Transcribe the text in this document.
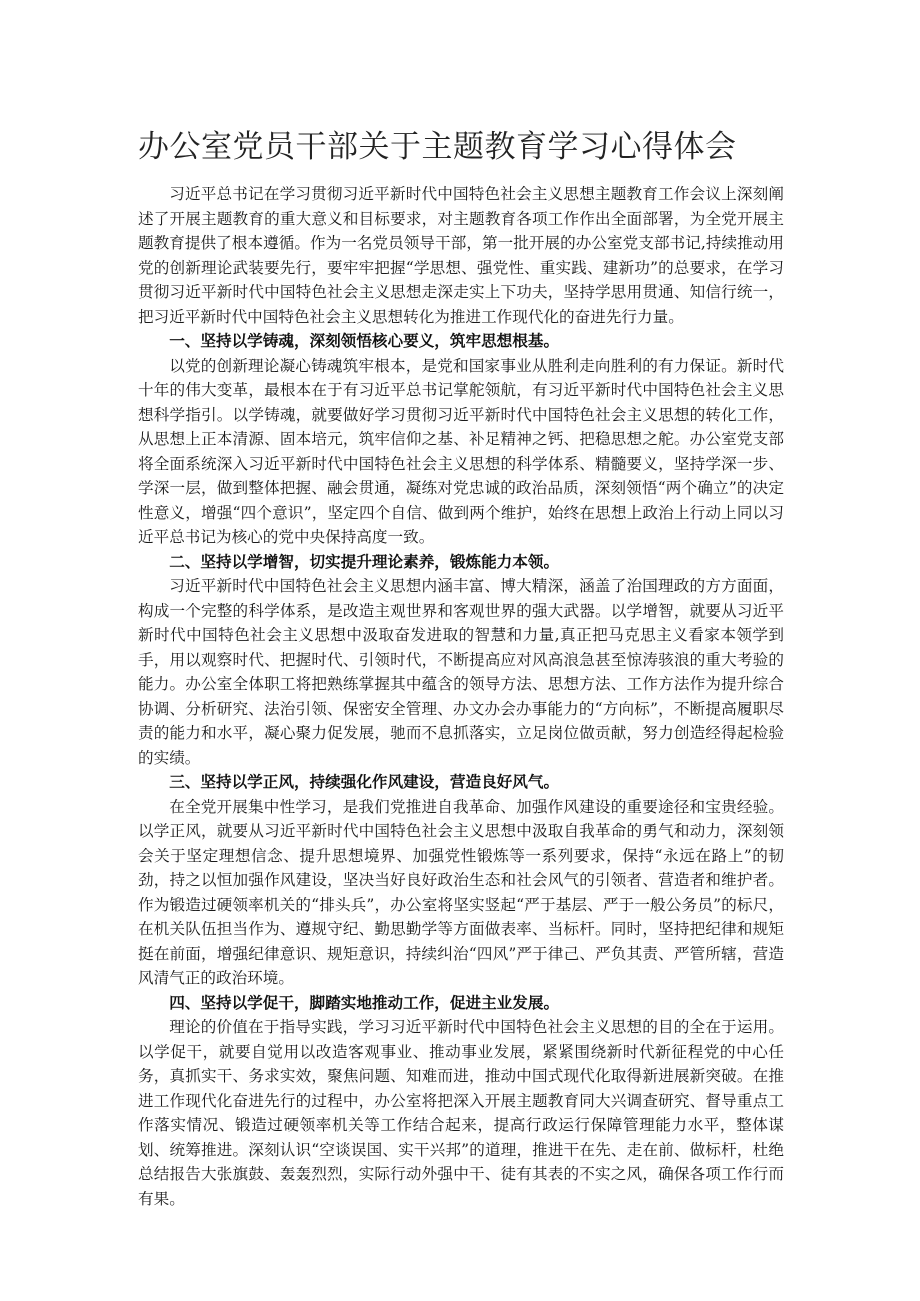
办公室党员干部关于主题教育学习心得体会

习近平总书记在学习贯彻习近平新时代中国特色社会主义思想主题教育工作会议上深刻阐述了开展主题教育的重大意义和目标要求，对主题教育各项工作作出全面部署，为全党开展主题教育提供了根本遵循。作为一名党员领导干部，第一批开展的办公室党支部书记,持续推动用党的创新理论武装要先行，要牢牢把握“学思想、强党性、重实践、建新功”的总要求，在学习贯彻习近平新时代中国特色社会主义思想走深走实上下功夫，坚持学思用贯通、知信行统一，把习近平新时代中国特色社会主义思想转化为推进工作现代化的奋进先行力量。

一、坚持以学铸魂，深刻领悟核心要义，筑牢思想根基。

以党的创新理论凝心铸魂筑牢根本，是党和国家事业从胜利走向胜利的有力保证。新时代十年的伟大变革，最根本在于有习近平总书记掌舵领航，有习近平新时代中国特色社会主义思想科学指引。以学铸魂，就要做好学习贯彻习近平新时代中国特色社会主义思想的转化工作，从思想上正本清源、固本培元，筑牢信仰之基、补足精神之钙、把稳思想之舵。办公室党支部将全面系统深入习近平新时代中国特色社会主义思想的科学体系、精髓要义，坚持学深一步、学深一层，做到整体把握、融会贯通，凝练对党忠诚的政治品质，深刻领悟“两个确立”的决定性意义，增强“四个意识”，坚定四个自信、做到两个维护，始终在思想上政治上行动上同以习近平总书记为核心的党中央保持高度一致。

二、坚持以学增智，切实提升理论素养，锻炼能力本领。

习近平新时代中国特色社会主义思想内涵丰富、博大精深，涵盖了治国理政的方方面面，构成一个完整的科学体系，是改造主观世界和客观世界的强大武器。以学增智，就要从习近平新时代中国特色社会主义思想中汲取奋发进取的智慧和力量,真正把马克思主义看家本领学到手，用以观察时代、把握时代、引领时代，不断提高应对风高浪急甚至惊涛骇浪的重大考验的能力。办公室全体职工将把熟练掌握其中蕴含的领导方法、思想方法、工作方法作为提升综合协调、分析研究、法治引领、保密安全管理、办文办会办事能力的“方向标”，不断提高履职尽责的能力和水平，凝心聚力促发展，驰而不息抓落实，立足岗位做贡献，努力创造经得起检验的实绩。

三、坚持以学正风，持续强化作风建设，营造良好风气。

在全党开展集中性学习，是我们党推进自我革命、加强作风建设的重要途径和宝贵经验。以学正风，就要从习近平新时代中国特色社会主义思想中汲取自我革命的勇气和动力，深刻领会关于坚定理想信念、提升思想境界、加强党性锻炼等一系列要求，保持“永远在路上”的韧劲，持之以恒加强作风建设，坚决当好良好政治生态和社会风气的引领者、营造者和维护者。作为锻造过硬领率机关的“排头兵”，办公室将坚实竖起“严于基层、严于一般公务员”的标尺，在机关队伍担当作为、遵规守纪、勤思勤学等方面做表率、当标杆。同时，坚持把纪律和规矩挺在前面，增强纪律意识、规矩意识，持续纠治“四风”严于律己、严负其责、严管所辖，营造风清气正的政治环境。

四、坚持以学促干，脚踏实地推动工作，促进主业发展。

理论的价值在于指导实践，学习习近平新时代中国特色社会主义思想的目的全在于运用。以学促干，就要自觉用以改造客观事业、推动事业发展，紧紧围绕新时代新征程党的中心任务，真抓实干、务求实效，聚焦问题、知难而进，推动中国式现代化取得新进展新突破。在推进工作现代化奋进先行的过程中，办公室将把深入开展主题教育同大兴调查研究、督导重点工作落实情况、锻造过硬领率机关等工作结合起来，提高行政运行保障管理能力水平，整体谋划、统筹推进。深刻认识“空谈误国、实干兴邦”的道理，推进干在先、走在前、做标杆，杜绝总结报告大张旗鼓、轰轰烈烈，实际行动外强中干、徒有其表的不实之风，确保各项工作行而有果。
